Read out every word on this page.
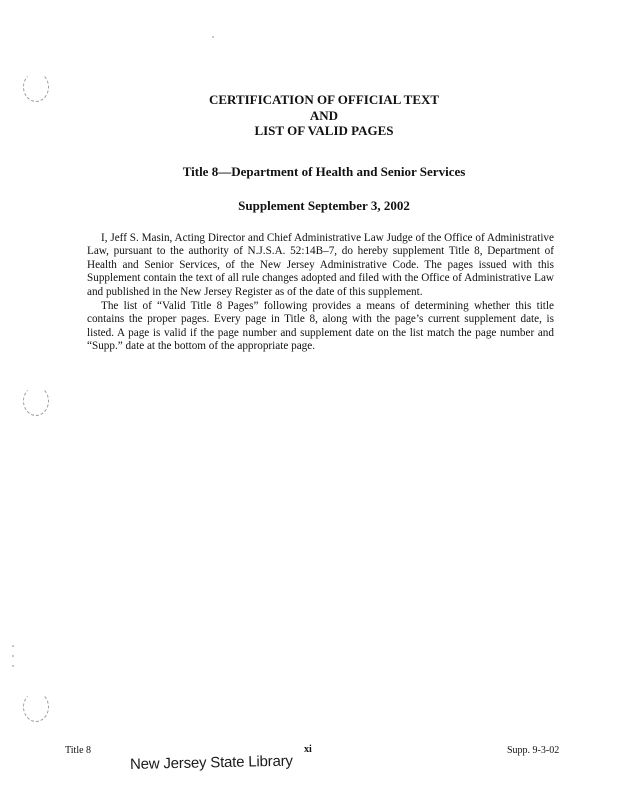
CERTIFICATION OF OFFICIAL TEXT
AND
LIST OF VALID PAGES
Title 8—Department of Health and Senior Services
Supplement September 3, 2002

I, Jeff S. Masin, Acting Director and Chief Administrative Law Judge of the Office of Administrative Law, pursuant to the authority of N.J.S.A. 52:14B–7, do hereby supplement Title 8, Department of Health and Senior Services, of the New Jersey Administrative Code. The pages issued with this Supplement contain the text of all rule changes adopted and filed with the Office of Administrative Law and published in the New Jersey Register as of the date of this supplement.

The list of “Valid Title 8 Pages” following provides a means of determining whether this title contains the proper pages. Every page in Title 8, along with the page’s current supplement date, is listed. A page is valid if the page number and supplement date on the list match the page number and “Supp.” date at the bottom of the appropriate page.

Title 8	xi	Supp. 9-3-02
New Jersey State Library
